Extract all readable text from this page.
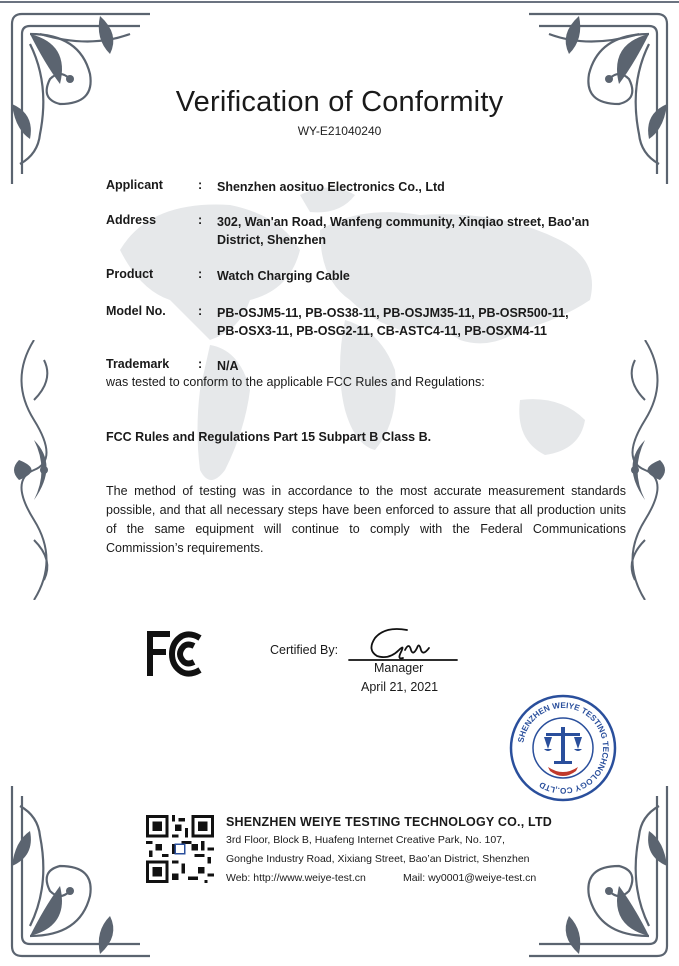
Verification of Conformity
WY-E21040240
Applicant	: Shenzhen aosituo Electronics Co., Ltd
Address	: 302, Wan'an Road, Wanfeng community, Xinqiao street, Bao'an
District, Shenzhen
Product	: Watch Charging Cable
Model No.	: PB-OSJM5-11, PB-OS38-11, PB-OSJM35-11, PB-OSR500-11,
PB-OSX3-11, PB-OSG2-11, CB-ASTC4-11, PB-OSXM4-11
Trademark : N/A
was tested to conform to the applicable FCC Rules and Regulations:
FCC Rules and Regulations Part 15 Subpart B Class B.
The method of testing was in accordance to the most accurate measurement standards possible, and that all necessary steps have been enforced to assure that all production units of the same equipment will continue to comply with the Federal Communications Commission’s requirements.
Certified By:
Manager
April 21, 2021
SHENZHEN WEIYE TESTING TECHNOLOGY CO.,LTD
SHENZHEN WEIYE TESTING TECHNOLOGY CO., LTD
3rd Floor, Block B, Huafeng Internet Creative Park, No. 107,
Gonghe Industry Road, Xixiang Street, Bao’an District, Shenzhen
Web: http://www.weiye-test.cn	Mail: wy0001@weiye-test.cn
